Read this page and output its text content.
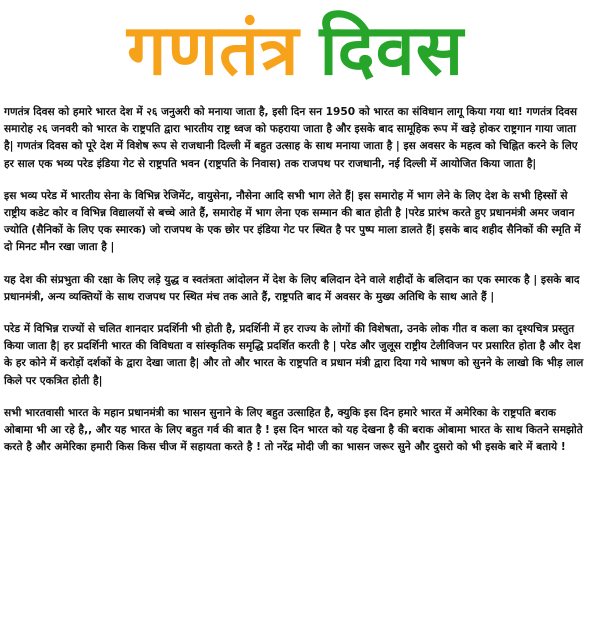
गणतंत्र दिवस

गणतंत्र दिवस को हमारे भारत देश में २६ जनुअरी को मनाया जाता है, इसी दिन सन 1950 को भारत का संविधान लागू किया गया था! गणतंत्र दिवस समारोह २६ जनवरी को भारत के राष्ट्रपति द्वारा भारतीय राष्ट्र ध्वज को फहराया जाता है और इसके बाद सामूहिक रूप में खड़े होकर राष्ट्रगान गाया जाता है| गणतंत्र दिवस को पूरे देश में विशेष रूप से राजधानी दिल्ली में बहुत उत्साह के साथ मनाया जाता है | इस अवसर के महत्व को चिह्नित करने के लिए हर साल एक भव्य परेड इंडिया गेट से राष्ट्रपति भवन (राष्ट्रपति के निवास) तक राजपथ पर राजधानी, नई दिल्ली में आयोजित किया जाता है|

इस भव्य परेड में भारतीय सेना के विभिन्न रेजिमेंट, वायुसेना, नौसेना आदि सभी भाग लेते हैं| इस समारोह में भाग लेने के लिए देश के सभी हिस्सों से राष्ट्रीय कडेट कोर व विभिन्न विद्यालयों से बच्चे आते हैं, समारोह में भाग लेना एक सम्मान की बात होती है |परेड प्रारंभ करते हुए प्रधानमंत्री अमर जवान ज्योति (सैनिकों के लिए एक स्मारक) जो राजपथ के एक छोर पर इंडिया गेट पर स्थित है पर पुष्प माला डालते हैं| इसके बाद शहीद सैनिकों की स्मृति में दो मिनट मौन रखा जाता है |

यह देश की संप्रभुता की रक्षा के लिए लड़े युद्ध व स्वतंत्रता आंदोलन में देश के लिए बलिदान देने वाले शहीदों के बलिदान का एक स्मारक है | इसके बाद प्रधानमंत्री, अन्य व्यक्तियों के साथ राजपथ पर स्थित मंच तक आते हैं, राष्ट्रपति बाद में अवसर के मुख्य अतिथि के साथ आते हैं |

परेड में विभिन्न राज्यों से चलित शानदार प्रदर्शिनी भी होती है, प्रदर्शिनी में हर राज्य के लोगों की विशेषता, उनके लोक गीत व कला का दृश्यचित्र प्रस्तुत किया जाता है| हर प्रदर्शिनी भारत की विविधता व सांस्कृतिक समृद्धि प्रदर्शित करती है | परेड और जुलूस राष्ट्रीय टेलीविजन पर प्रसारित होता है और देश के हर कोने में करोड़ों दर्शकों के द्वारा देखा जाता है| और तो और भारत के राष्ट्रपति व प्रधान मंत्री द्वारा दिया गये भाषण को सुनने के लाखो कि भीड़ लाल किले पर एकत्रित होती है|

सभी भारतवासी भारत के महान प्रधानमंत्री का भासन सुनाने के लिए बहुत उत्साहित है, क्युकि इस दिन हमारे भारत में अमेरिका के राष्ट्रपति बराक ओबामा भी आ रहे है,, और यह भारत के लिए बहुत गर्व की बात है ! इस दिन भारत को यह देखना है की बराक ओबामा भारत के साथ कितने समझोते करते है और अमेरिका हमारी किस किस चीज में सहायता करते है ! तो नरेंद्र मोदी जी का भासन जरूर सुने और दुसरो को भी इसके बारे में बताये !
